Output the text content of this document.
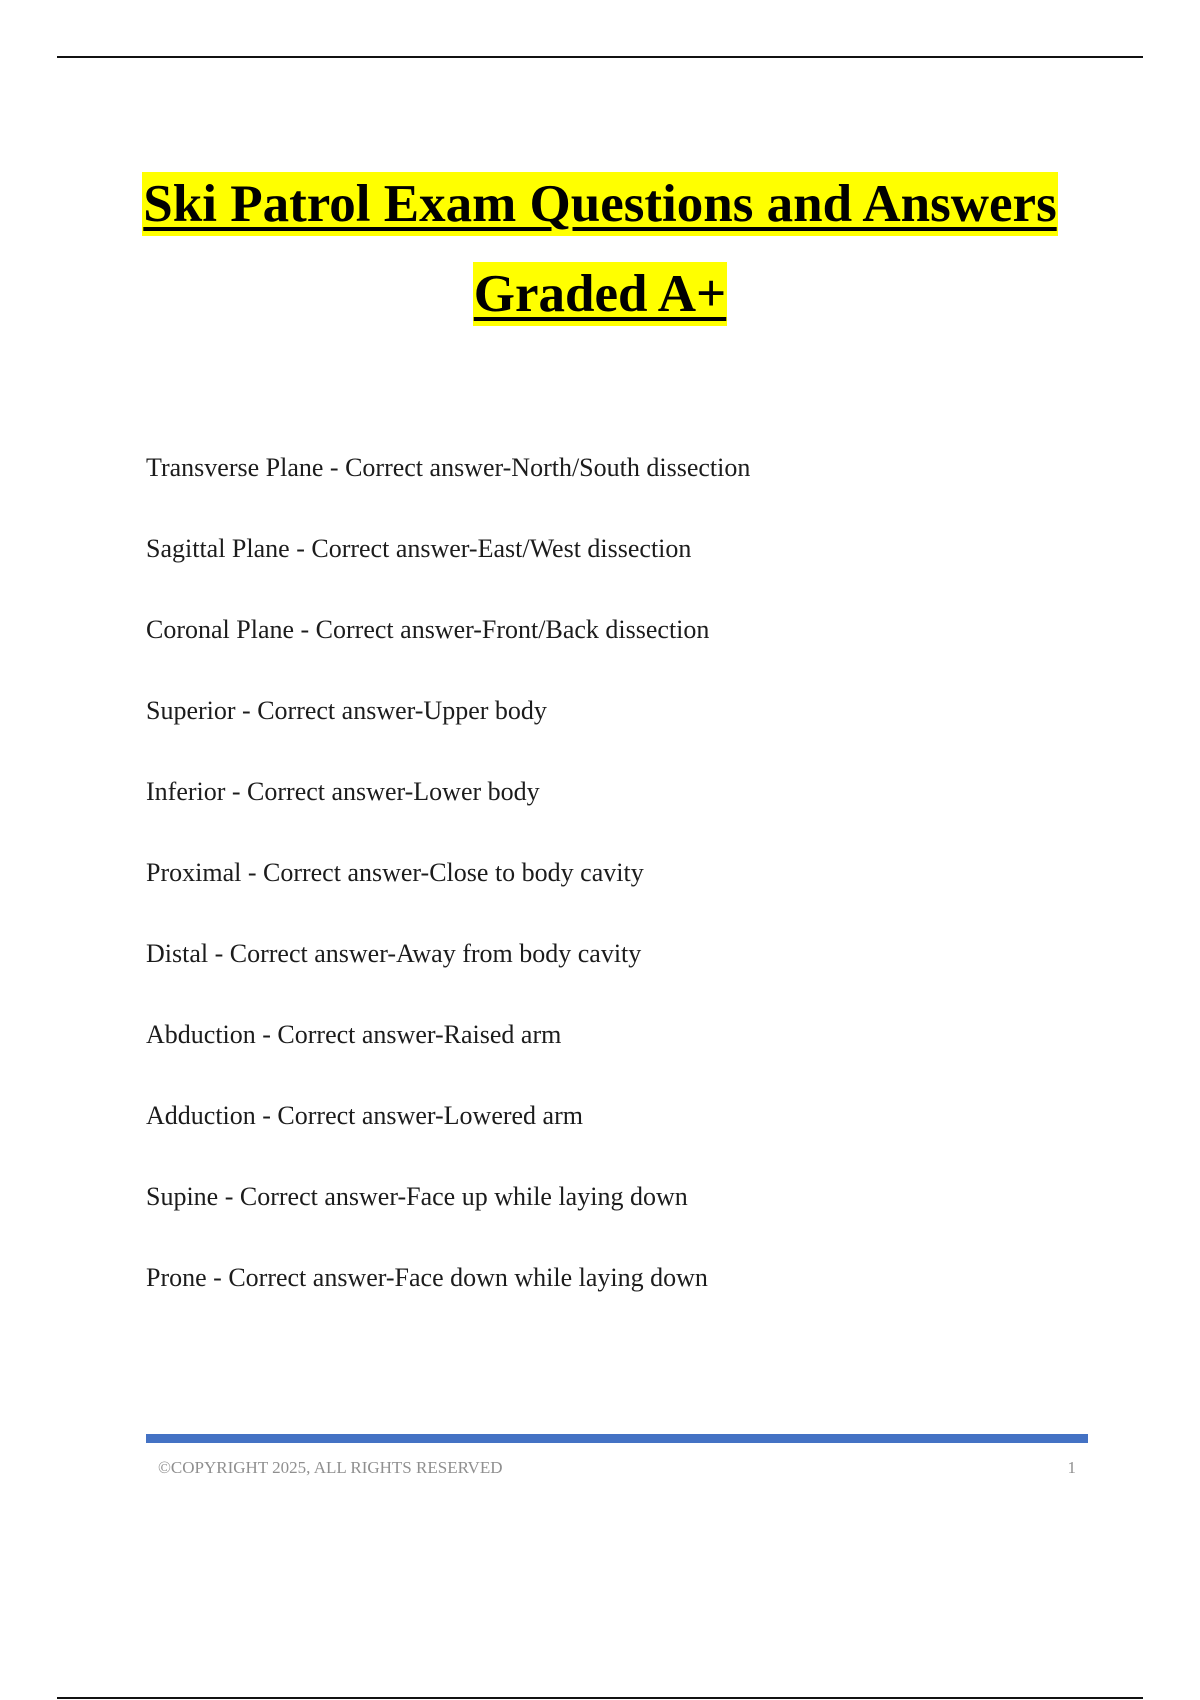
Ski Patrol Exam Questions and Answers
Graded A+
Transverse Plane - Correct answer-North/South dissection
Sagittal Plane - Correct answer-East/West dissection
Coronal Plane - Correct answer-Front/Back dissection
Superior - Correct answer-Upper body
Inferior - Correct answer-Lower body
Proximal - Correct answer-Close to body cavity
Distal - Correct answer-Away from body cavity
Abduction - Correct answer-Raised arm
Adduction - Correct answer-Lowered arm
Supine - Correct answer-Face up while laying down
Prone - Correct answer-Face down while laying down
©COPYRIGHT 2025, ALL RIGHTS RESERVED	1
